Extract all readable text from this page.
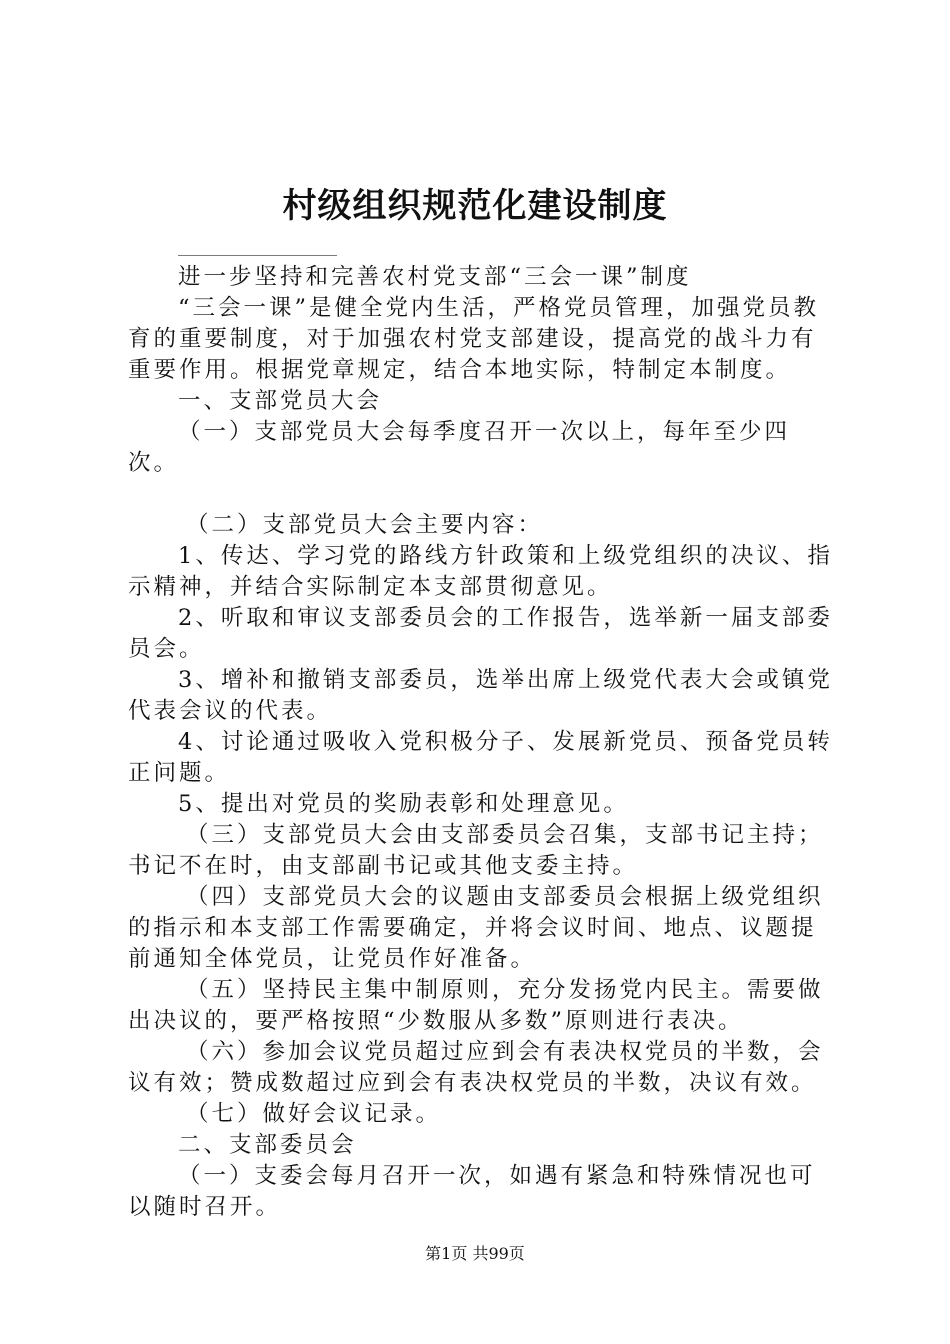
村级组织规范化建设制度
____________________

进一步坚持和完善农村党支部“三会一课”制度

“三会一课”是健全党内生活，严格党员管理，加强党员教育的重要制度，对于加强农村党支部建设，提高党的战斗力有重要作用。根据党章规定，结合本地实际，特制定本制度。

一、支部党员大会

（一）支部党员大会每季度召开一次以上，每年至少四次。

（二）支部党员大会主要内容：

1、传达、学习党的路线方针政策和上级党组织的决议、指示精神，并结合实际制定本支部贯彻意见。

2、听取和审议支部委员会的工作报告，选举新一届支部委员会。

3、增补和撤销支部委员，选举出席上级党代表大会或镇党代表会议的代表。

4、讨论通过吸收入党积极分子、发展新党员、预备党员转正问题。

5、提出对党员的奖励表彰和处理意见。

（三）支部党员大会由支部委员会召集，支部书记主持；书记不在时，由支部副书记或其他支委主持。

（四）支部党员大会的议题由支部委员会根据上级党组织的指示和本支部工作需要确定，并将会议时间、地点、议题提前通知全体党员，让党员作好准备。

（五）坚持民主集中制原则，充分发扬党内民主。需要做出决议的，要严格按照“少数服从多数”原则进行表决。

（六）参加会议党员超过应到会有表决权党员的半数，会议有效；赞成数超过应到会有表决权党员的半数，决议有效。

（七）做好会议记录。

二、支部委员会

（一）支委会每月召开一次，如遇有紧急和特殊情况也可以随时召开。

第1页 共99页
